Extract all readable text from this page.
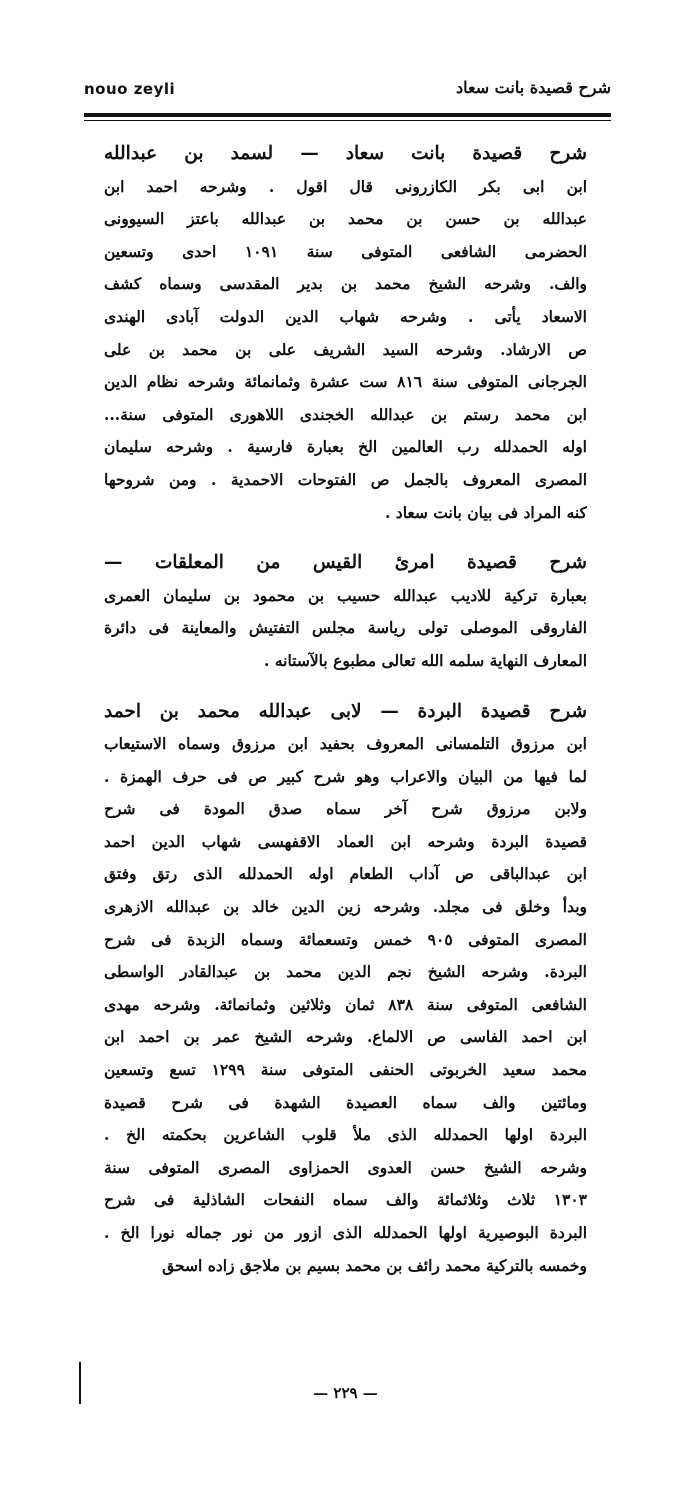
nouo zeyli	شرح قصيدة بانت سعاد
شرح قصيدة بانت سعاد — لسمد بن عبدالله
ابن ابى بكر الكازرونى قال اقول . وشرحه احمد ابن
عبدالله بن حسن بن محمد بن عبدالله باعتز السيوونى
الحضرمى الشافعى المتوفى سنة ١٠٩١ احدى وتسعين
والف. وشرحه الشيخ محمد بن بدير المقدسى وسماه كشف
الاسعاد يأتى . وشرحه شهاب الدين الدولت آبادى الهندى
ص الارشاد. وشرحه السيد الشريف على بن محمد بن على
الجرجانى المتوفى سنة ٨١٦ ست عشرة وثمانمائة وشرحه نظام الدين
ابن محمد رستم بن عبدالله الخجندى اللاهورى المتوفى سنة...
اوله الحمدلله رب العالمين الخ بعبارة فارسية . وشرحه سليمان
المصرى المعروف بالجمل ص الفتوحات الاحمدية . ومن شروحها
كنه المراد فى بيان بانت سعاد .
شرح قصيدة امرئ القيس من المعلقات —
بعبارة تركية للاديب عبدالله حسيب بن محمود بن سليمان العمرى
الفاروقى الموصلى تولى رياسة مجلس التفتيش والمعاينة فى دائرة
المعارف النهاية سلمه الله تعالى مطبوع بالآستانه .
شرح قصيدة البردة — لابى عبدالله محمد بن احمد
ابن مرزوق التلمسانى المعروف بحفيد ابن مرزوق وسماه الاستيعاب
لما فيها من البيان والاعراب وهو شرح كبير ص فى حرف الهمزة .
ولابن مرزوق شرح آخر سماه صدق المودة فى شرح
قصيدة البردة وشرحه ابن العماد الاقفهسى شهاب الدين احمد
ابن عبدالباقى ص آداب الطعام اوله الحمدلله الذى رتق وفتق
وبدأ وخلق فى مجلد. وشرحه زين الدين خالد بن عبدالله الازهرى
المصرى المتوفى ٩٠٥ خمس وتسعمائة وسماه الزبدة فى شرح
البردة. وشرحه الشيخ نجم الدين محمد بن عبدالقادر الواسطى
الشافعى المتوفى سنة ٨٣٨ ثمان وثلاثين وثمانمائة. وشرحه مهدى
ابن احمد الفاسى ص الالماع. وشرحه الشيخ عمر بن احمد ابن
محمد سعيد الخربوتى الحنفى المتوفى سنة ١٢٩٩ تسع وتسعين
ومائتين والف سماه العصيدة الشهدة فى شرح قصيدة
البردة اولها الحمدلله الذى ملأ قلوب الشاعرين بحكمته الخ .
وشرحه الشيخ حسن العدوى الحمزاوى المصرى المتوفى سنة
١٣٠٣ ثلاث وثلاثمائة والف سماه النفحات الشاذلية فى شرح
البردة البوصيرية اولها الحمدلله الذى ازور من نور جماله نورا الخ .
وخمسه بالتركية محمد رائف بن محمد بسيم بن ملاجق زاده اسحق
— ٢٢٩ —
